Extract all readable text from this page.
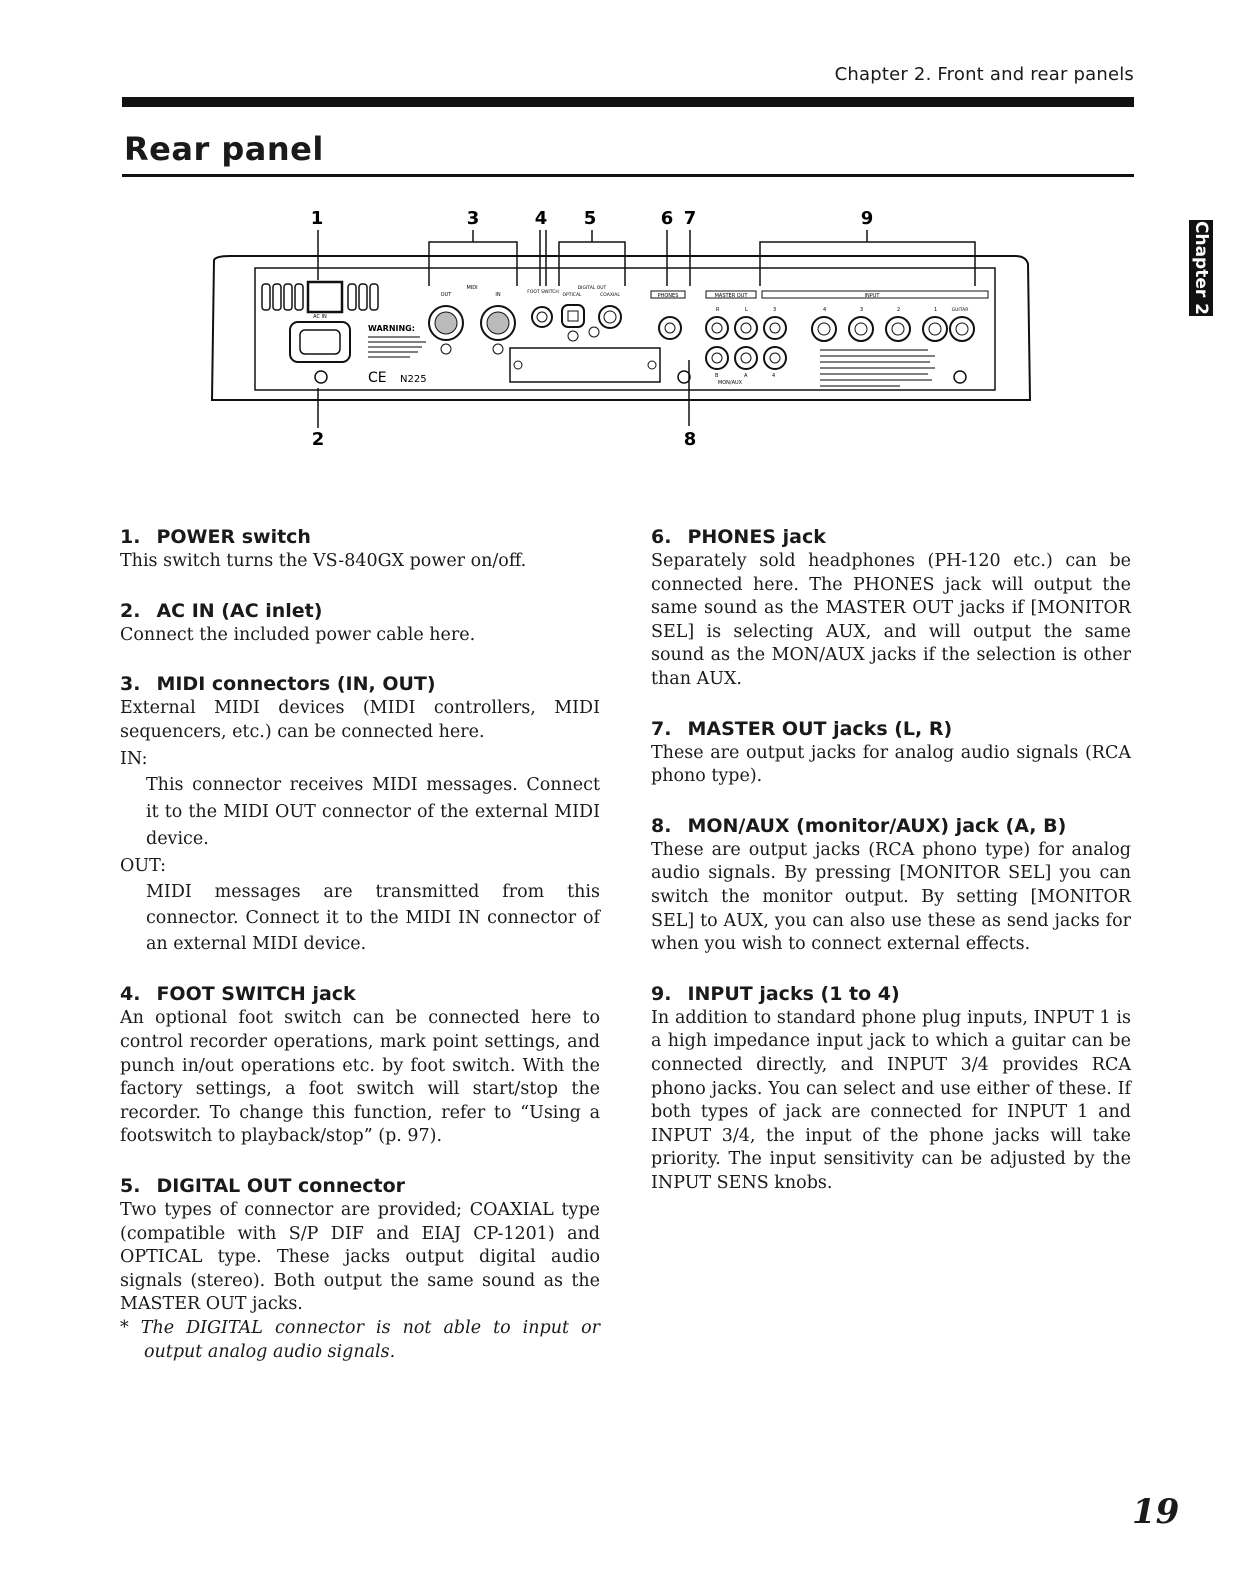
Chapter 2. Front and rear panels
Rear panel
Chapter 2
1	3	4 5	6 7	9
2	8
AC IN
WARNING:
CE N225
MIDI
OUT	IN	FOOT SWITCH
DIGITAL OUT
OPTICAL	COAXIAL	PHONES	MASTER OUT
R	L	3
B	A	4
MON/AUX
INPUT
4	3	2	1	GUITAR
1. POWER switch

This switch turns the VS-840GX power on/off.

2. AC IN (AC inlet)

Connect the included power cable here.

3. MIDI connectors (IN, OUT)

External MIDI devices (MIDI controllers, MIDI sequencers, etc.) can be connected here.

IN:

This connector receives MIDI messages. Connect it to the MIDI OUT connector of the external MIDI device.

OUT:

MIDI messages are transmitted from this connector. Connect it to the MIDI IN connector of an external MIDI device.

4. FOOT SWITCH jack

An optional foot switch can be connected here to control recorder operations, mark point settings, and punch in/out operations etc. by foot switch. With the factory settings, a foot switch will start/stop the recorder. To change this function, refer to “Using a footswitch to playback/stop” (p. 97).

5. DIGITAL OUT connector

Two types of connector are provided; COAXIAL type (compatible with S/P DIF and EIAJ CP-1201) and OPTICAL type. These jacks output digital audio signals (stereo). Both output the same sound as the MASTER OUT jacks.

* The DIGITAL connector is not able to input or output analog audio signals.

6. PHONES jack

Separately sold headphones (PH-120 etc.) can be connected here. The PHONES jack will output the same sound as the MASTER OUT jacks if [MONITOR SEL] is selecting AUX, and will output the same sound as the MON/AUX jacks if the selection is other than AUX.

7. MASTER OUT jacks (L, R)

These are output jacks for analog audio signals (RCA phono type).

8. MON/AUX (monitor/AUX) jack (A, B)

These are output jacks (RCA phono type) for analog audio signals. By pressing [MONITOR SEL] you can switch the monitor output. By setting [MONITOR SEL] to AUX, you can also use these as send jacks for when you wish to connect external effects.

9. INPUT jacks (1 to 4)

In addition to standard phone plug inputs, INPUT 1 is a high impedance input jack to which a guitar can be connected directly, and INPUT 3/4 provides RCA phono jacks. You can select and use either of these. If both types of jack are connected for INPUT 1 and INPUT 3/4, the input of the phone jacks will take priority. The input sensitivity can be adjusted by the INPUT SENS knobs.

19
